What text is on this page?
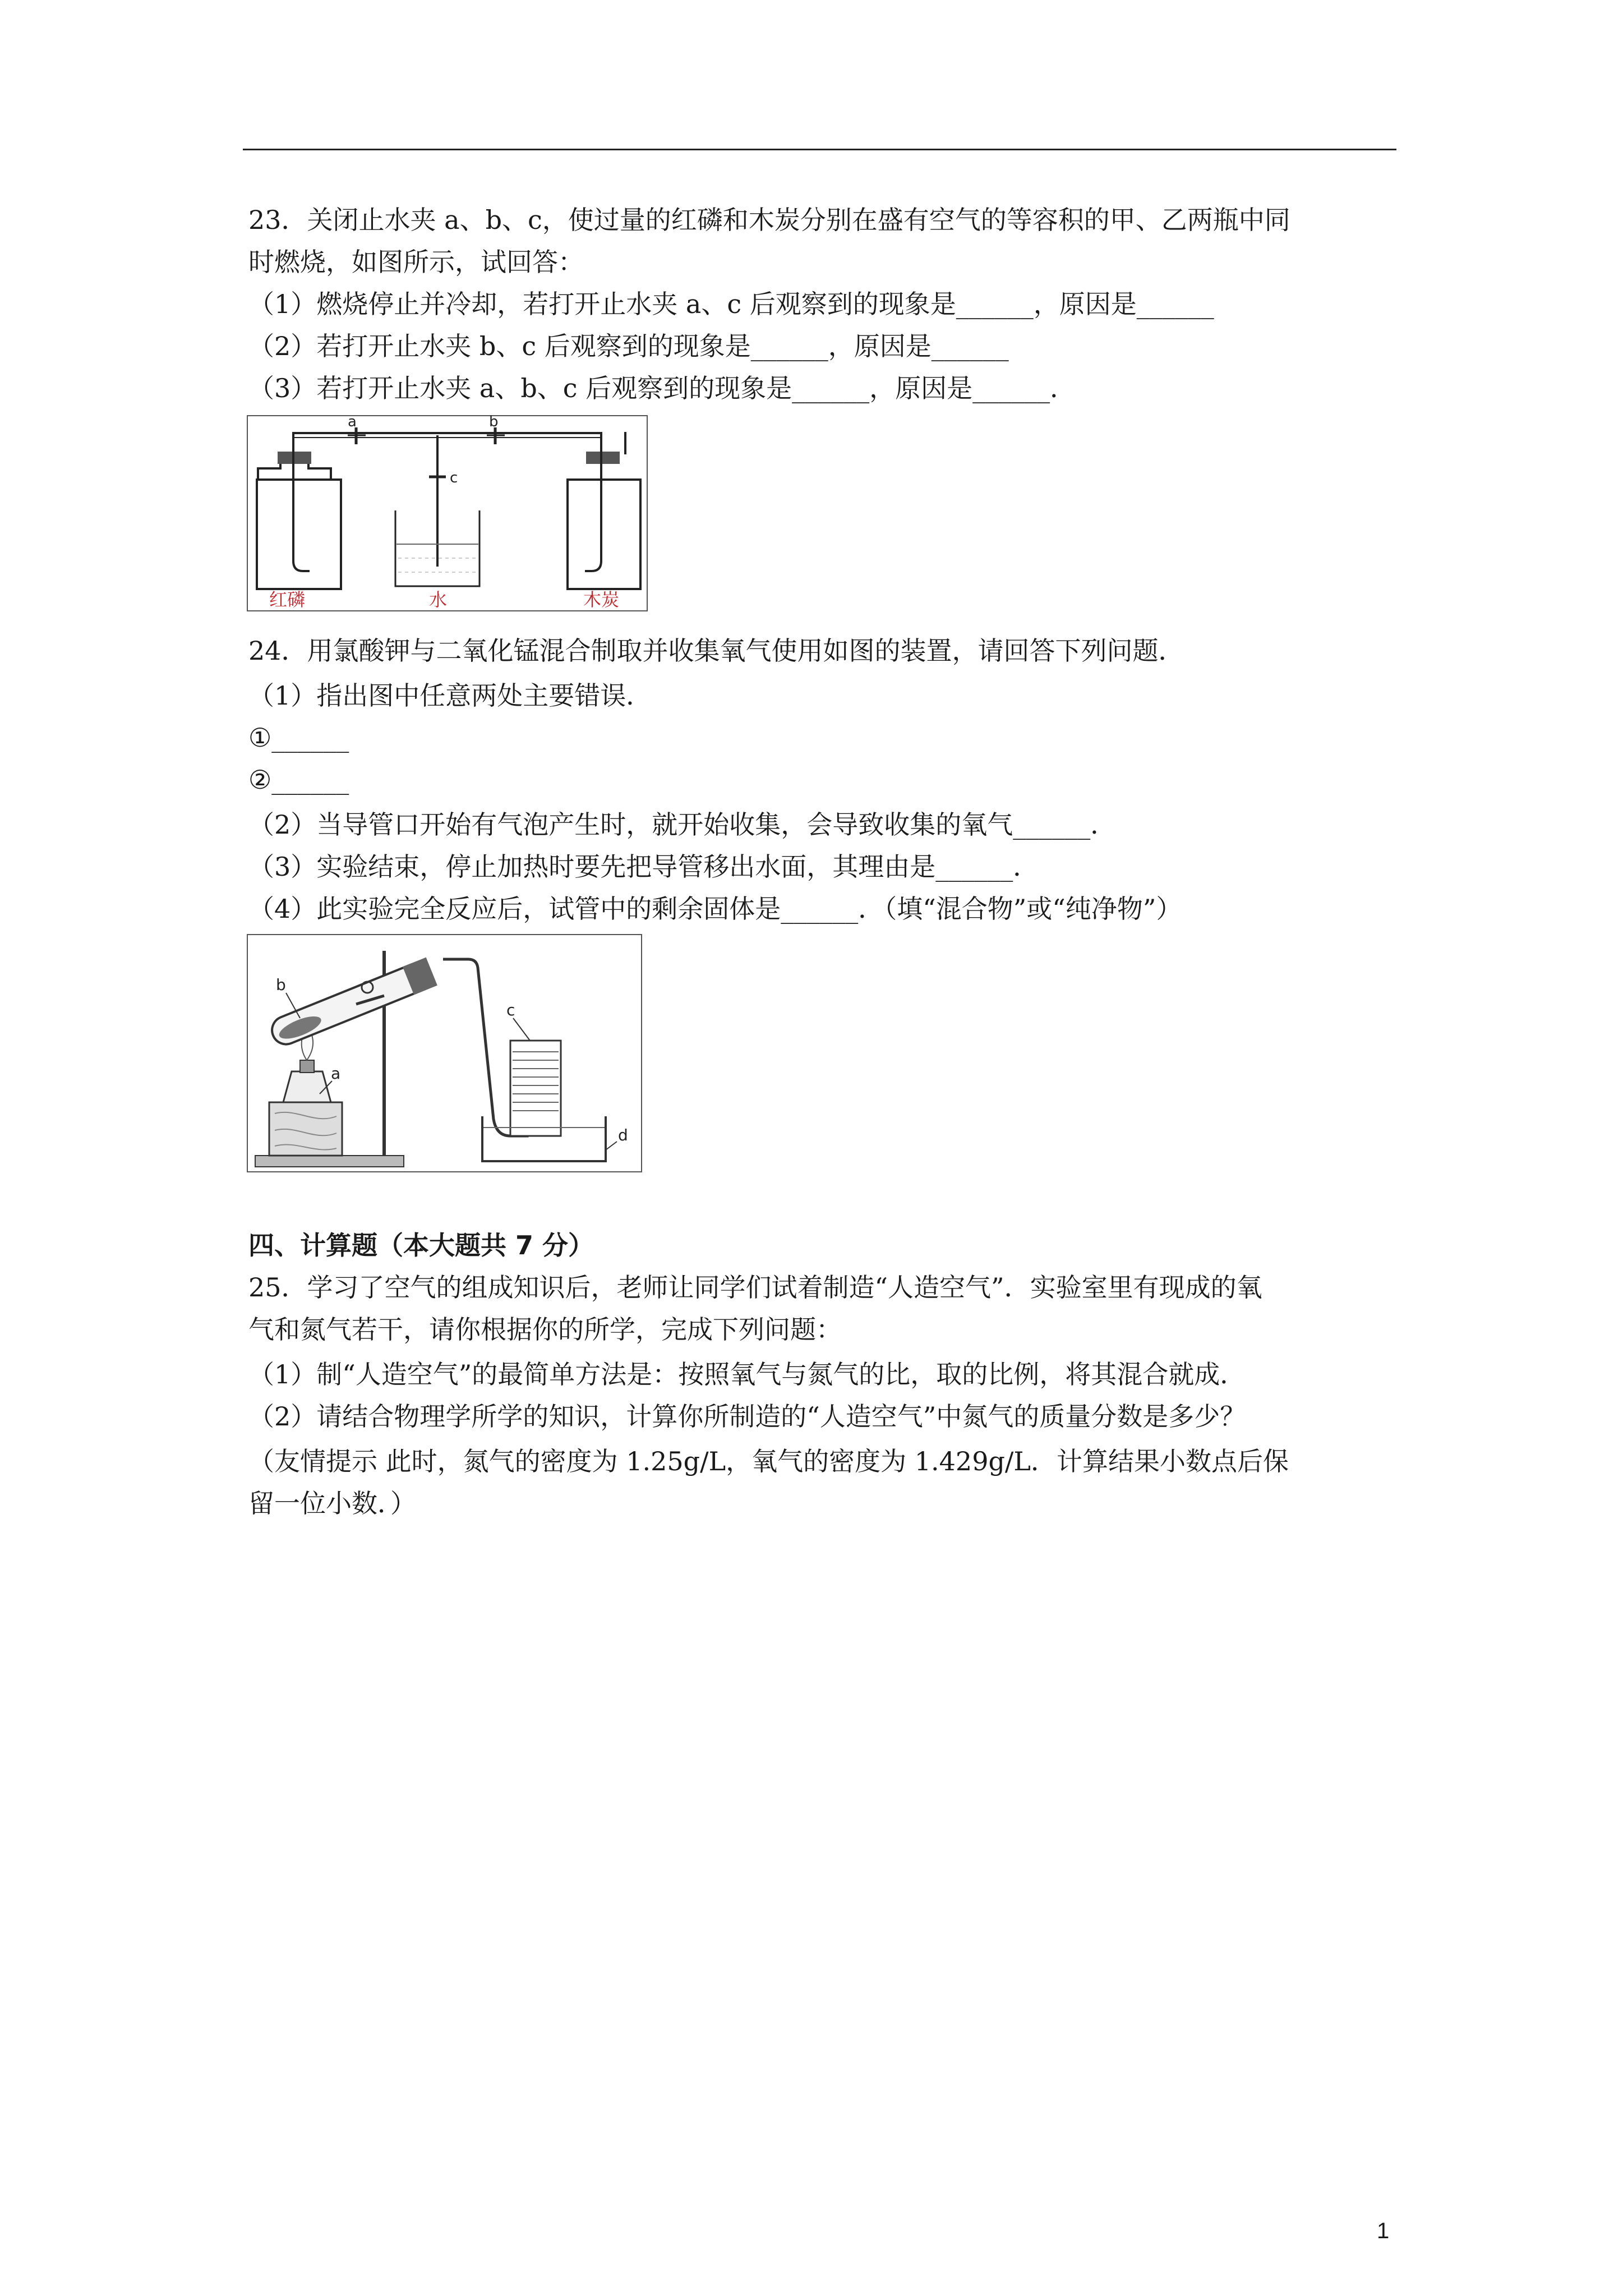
23．关闭止水夹 a、b、c，使过量的红磷和木炭分别在盛有空气的等容积的甲、乙两瓶中同
时燃烧，如图所示，试回答：
（1）燃烧停止并冷却，若打开止水夹 a、c 后观察到的现象是______，原因是______
（2）若打开止水夹 b、c 后观察到的现象是______，原因是______
（3）若打开止水夹 a、b、c 后观察到的现象是______，原因是______．
a	b
c
红磷	水	木炭
24．用氯酸钾与二氧化锰混合制取并收集氧气使用如图的装置，请回答下列问题．
（1）指出图中任意两处主要错误．
①______
②______
（2）当导管口开始有气泡产生时，就开始收集，会导致收集的氧气______．
（3）实验结束，停止加热时要先把导管移出水面，其理由是______．
（4）此实验完全反应后，试管中的剩余固体是______．（填“混合物”或“纯净物”）
b
a
c
d
四、计算题（本大题共 7 分）
25．学习了空气的组成知识后，老师让同学们试着制造“人造空气”．实验室里有现成的氧
气和氮气若干，请你根据你的所学，完成下列问题：
（1）制“人造空气”的最简单方法是：按照氧气与氮气的比，取的比例，将其混合就成．
（2）请结合物理学所学的知识，计算你所制造的“人造空气”中氮气的质量分数是多少？
（友情提示 此时，氮气的密度为 1.25g/L，氧气的密度为 1.429g/L．计算结果小数点后保
留一位小数．）
1
